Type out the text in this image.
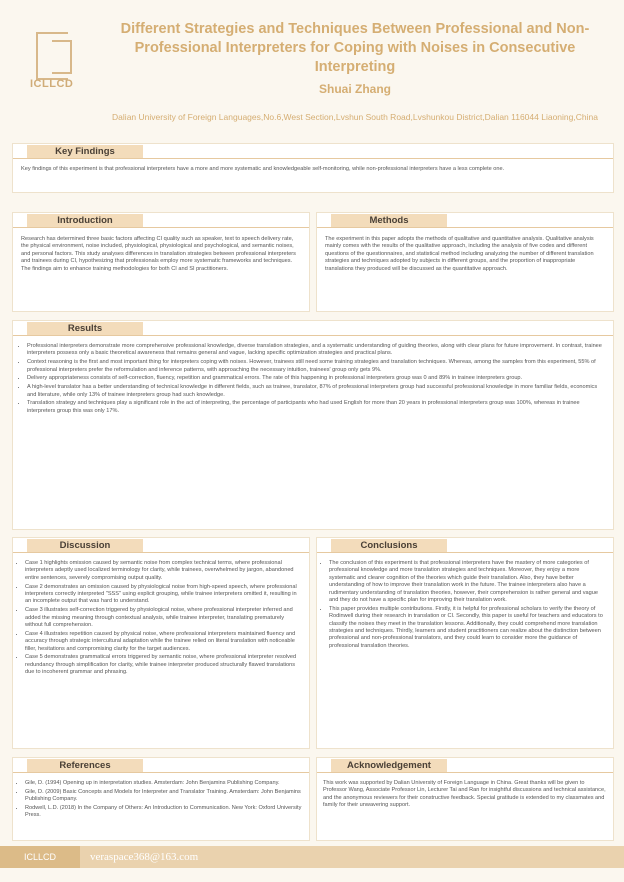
ICLLCD
Different Strategies and Techniques Between Professional and Non-Professional Interpreters for Coping with Noises in Consecutive Interpreting
Shuai Zhang
Dalian University of Foreign Languages,No.6,West Section,Lvshun South Road,Lvshunkou District,Dalian 116044 Liaoning,China
Key Findings
Key findings of this experiment is that professional interpreters have a more and more systematic and knowledgeable self-monitoring, while non-professional interpreters have a less complete one.
Introduction
Research has determined three basic factors affecting CI quality such as speaker, text to speech delivery rate, the physical environment, noise included, physiological, physiological and psychological, and semantic noises, and personal factors. This study analyses differences in translation strategies between professional interpreters and trainees during CI, hypothesizing that professionals employ more systematic frameworks and techniques. The findings aim to enhance training methodologies for both CI and SI practitioners.
Methods
The experiment in this paper adopts the methods of qualitative and quantitative analysis. Qualitative analysis mainly comes with the results of the qualitative approach, including the analysis of five codes and different questions of the questionnaires, and statistical method including analyzing the number of different translation strategies and techniques adopted by subjects in different groups, and the proportion of inappropriate translations they produced will be discussed as the quantitative approach.
Results
• Professional interpreters demonstrate more comprehensive professional knowledge, diverse translation strategies, and a systematic understanding of guiding theories, along with clear plans for future improvement. In contrast, trainee interpreters possess only a basic theoretical awareness that remains general and vague, lacking specific optimization strategies and practical plans.
• Context reasoning is the first and most important thing for interpreters coping with noises. However, trainees still need some training strategies and translation techniques. Whereas, among the samples from this experiment, 55% of professional interpreters prefer the reformulation and inference patterns, with approaching the necessary intuition, trainees' group only gets 9%.
• Delivery appropriateness consists of self-correction, fluency, repetition and grammatical errors. The rate of this happening in professional interpreters group was 0 and 89% in trainee interpreters group.
• A high-level translator has a better understanding of technical knowledge in different fields, such as trainee, translator, 87% of professional interpreters group had successful professional knowledge in more familiar fields, economics and literature, while only 13% of trainee interpreters group had such knowledge.
• Translation strategy and techniques play a significant role in the act of interpreting, the percentage of participants who had used English for more than 20 years in professional interpreters group was 100%, whereas in trainee interpreters group this was only 17%.
Discussion
• Case 1 highlights omission caused by semantic noise from complex technical terms, where professional interpreters adeptly used localized terminology for clarity, while trainees, overwhelmed by jargon, abandoned entire sentences, severely compromising output quality.
• Case 2 demonstrates an omission caused by physiological noise from high-speed speech, where professional interpreters correctly interpreted "SSS" using explicit grouping, while trainee interpreters omitted it, resulting in an incomplete output that was hard to understand.
• Case 3 illustrates self-correction triggered by physiological noise, where professional interpreter inferred and added the missing meaning through contextual analysis, while trainee interpreter, translating prematurely without full comprehension.
• Case 4 illustrates repetition caused by physical noise, where professional interpreters maintained fluency and accuracy through strategic intercultural adaptation while the trainee relied on literal translation with noticeable filler, hesitations and compromising clarity for the target audiences.
• Case 5 demonstrates grammatical errors triggered by semantic noise, where professional interpreter resolved redundancy through simplification for clarity, while trainee interpreter produced structurally flawed translations due to incoherent grammar and phrasing.
Conclusions
• The conclusion of this experiment is that professional interpreters have the mastery of more categories of professional knowledge and more translation strategies and techniques. Moreover, they enjoy a more systematic and clearer cognition of the theories which guide their translation. Also, they have better understanding of how to improve their translation work in the future. The trainee interpreters also have a rudimentary understanding of translation theories, however, their comprehension is rather general and vague and they do not have a specific plan for improving their translation work.
• This paper provides multiple contributions. Firstly, it is helpful for professional scholars to verify the theory of Rodinwell during their research in translation or CI. Secondly, this paper is useful for teachers and educators to classify the noises they meet in the translation lessons. Additionally, they could comprehend more translation strategies and techniques. Thirdly, learners and student practitioners can realize about the distinction between professional and non-professional translators, and they could learn to consider more the guidance of professional translation theories.
References
• Gile, D. (1994) Opening up in interpretation studies. Amsterdam: John Benjamins Publishing Company.
• Gile, D. (2009) Basic Concepts and Models for Interpreter and Translator Training. Amsterdam: John Benjamins Publishing Company.
• Rodwell, L.D. (2018) In the Company of Others: An Introduction to Communication. New York: Oxford University Press.
Acknowledgement
This work was supported by Dalian University of Foreign Language in China. Great thanks will be given to Professor Wang, Associate Professor Lin, Lecturer Tai and Ran for insightful discussions and technical assistance, and the anonymous reviewers for their constructive feedback. Special gratitude is extended to my classmates and family for their unwavering support.
ICLLCD	veraspace368@163.com
